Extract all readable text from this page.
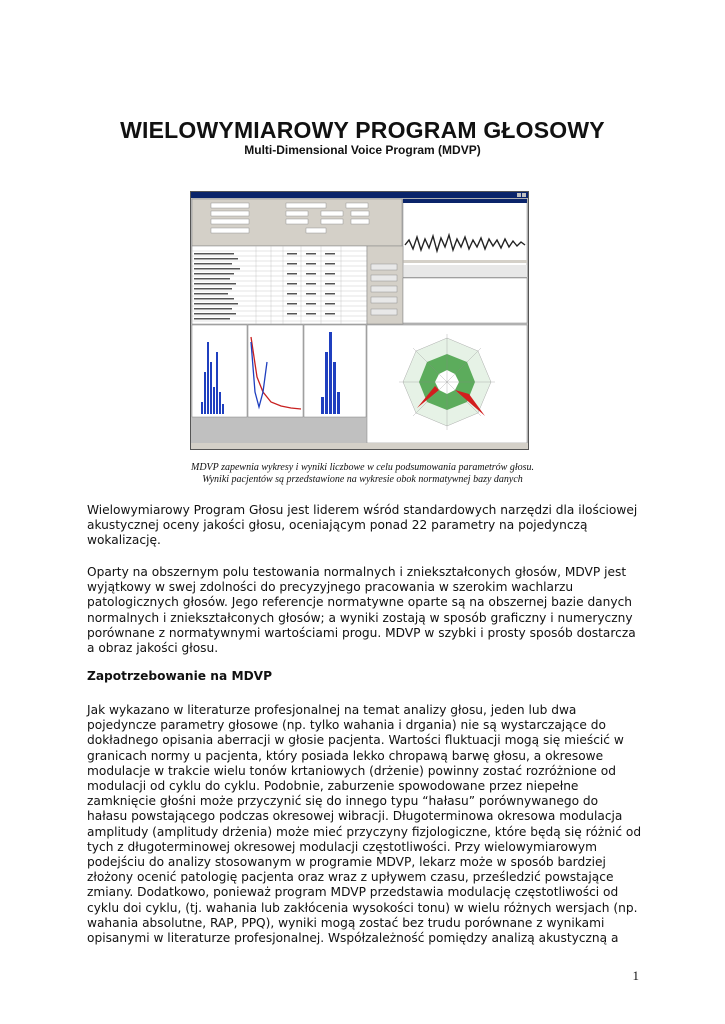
WIELOWYMIAROWY PROGRAM GŁOSOWY
Multi-Dimensional Voice Program (MDVP)
MDVP zapewnia wykresy i wyniki liczbowe w celu podsumowania parametrów głosu.
Wyniki pacjentów są przedstawione na wykresie obok normatywnej bazy danych

Wielowymiarowy Program Głosu jest liderem wśród standardowych narzędzi dla ilościowej akustycznej oceny jakości głosu, oceniającym ponad 22 parametry na pojedynczą wokalizację.

Oparty na obszernym polu testowania normalnych i zniekształconych głosów, MDVP jest wyjątkowy w swej zdolności do precyzyjnego pracowania w szerokim wachlarzu patologicznych głosów. Jego referencje normatywne oparte są na obszernej bazie danych normalnych i zniekształconych głosów; a wyniki zostają w sposób graficzny i numeryczny porównane z normatywnymi wartościami progu. MDVP w szybki i prosty sposób dostarcza a obraz jakości głosu.

Zapotrzebowanie na MDVP

Jak wykazano w literaturze profesjonalnej na temat analizy głosu, jeden lub dwa pojedyncze parametry głosowe (np. tylko wahania i drgania) nie są wystarczające do dokładnego opisania aberracji w głosie pacjenta. Wartości fluktuacji mogą się mieścić w granicach normy u pacjenta, który posiada lekko chropawą barwę głosu, a okresowe modulacje w trakcie wielu tonów krtaniowych (drżenie) powinny zostać rozróżnione od modulacji od cyklu do cyklu. Podobnie, zaburzenie spowodowane przez niepełne zamknięcie głośni może przyczynić się do innego typu “hałasu” porównywanego do hałasu powstającego podczas okresowej wibracji. Długoterminowa okresowa modulacja amplitudy (amplitudy drżenia) może mieć przyczyny fizjologiczne, które będą się różnić od tych z długoterminowej okresowej modulacji częstotliwości. Przy wielowymiarowym podejściu do analizy stosowanym w programie MDVP, lekarz może w sposób bardziej złożony ocenić patologię pacjenta oraz wraz z upływem czasu, prześledzić powstające zmiany. Dodatkowo, ponieważ program MDVP przedstawia modulację częstotliwości od cyklu doi cyklu, (tj. wahania lub zakłócenia wysokości tonu) w wielu różnych wersjach (np. wahania absolutne, RAP, PPQ), wyniki mogą zostać bez trudu porównane z wynikami opisanymi w literaturze profesjonalnej. Współzależność pomiędzy analizą akustyczną a

1
